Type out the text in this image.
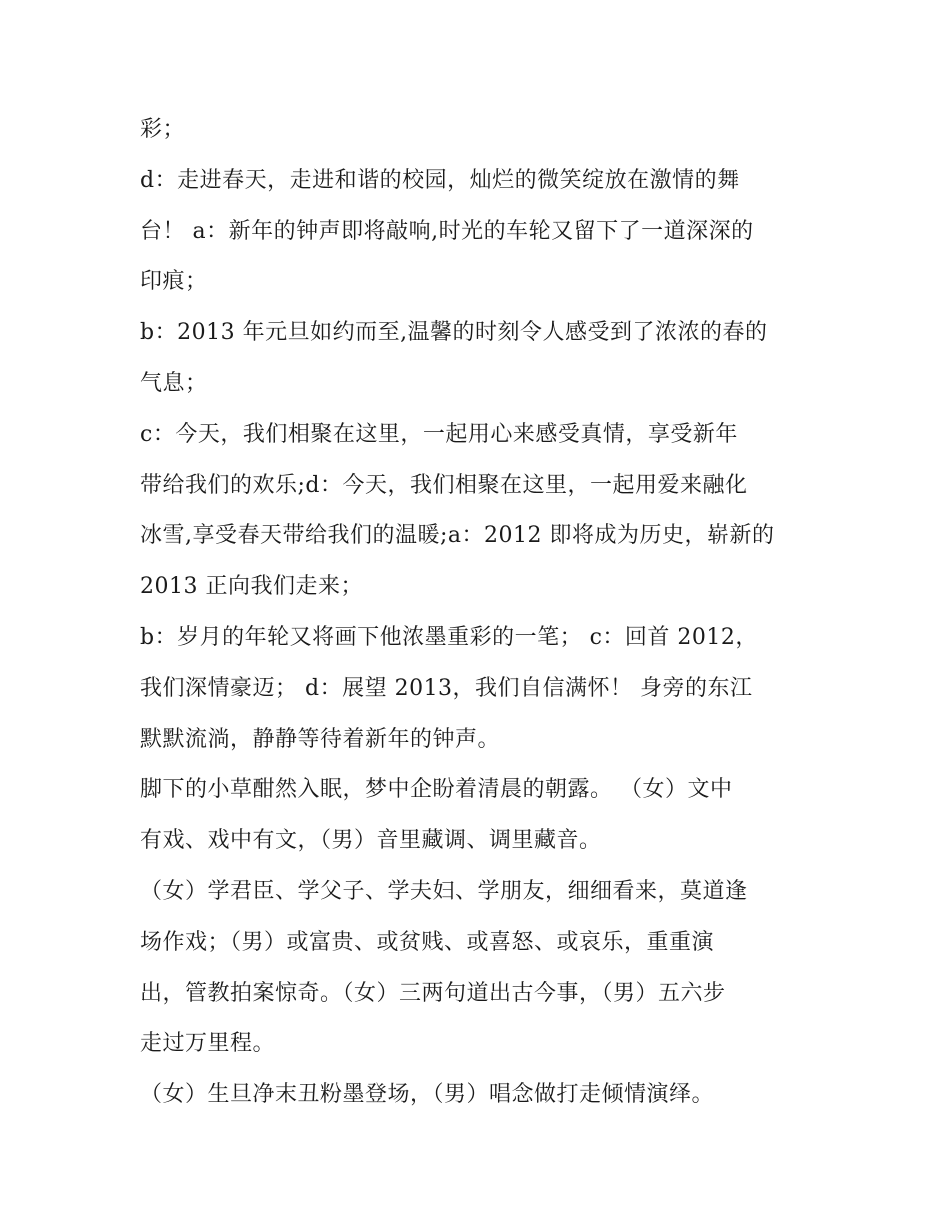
彩；
d：走进春天，走进和谐的校园，灿烂的微笑绽放在激情的舞
台！ a：新年的钟声即将敲响,时光的车轮又留下了一道深深的
印痕；
b：2013 年元旦如约而至,温馨的时刻令人感受到了浓浓的春的
气息；
c：今天，我们相聚在这里，一起用心来感受真情，享受新年
带给我们的欢乐;d：今天，我们相聚在这里，一起用爱来融化
冰雪,享受春天带给我们的温暖;a：2012 即将成为历史，崭新的
2013 正向我们走来；
b：岁月的年轮又将画下他浓墨重彩的一笔； c：回首 2012，
我们深情豪迈； d：展望 2013，我们自信满怀！ 身旁的东江
默默流淌，静静等待着新年的钟声。
脚下的小草酣然入眠，梦中企盼着清晨的朝露。 （女）文中
有戏、戏中有文，（男）音里藏调、调里藏音。
（女）学君臣、学父子、学夫妇、学朋友，细细看来，莫道逢
场作戏；（男）或富贵、或贫贱、或喜怒、或哀乐，重重演
出，管教拍案惊奇。（女）三两句道出古今事，（男）五六步
走过万里程。
（女）生旦净末丑粉墨登场，（男）唱念做打走倾情演绎。
